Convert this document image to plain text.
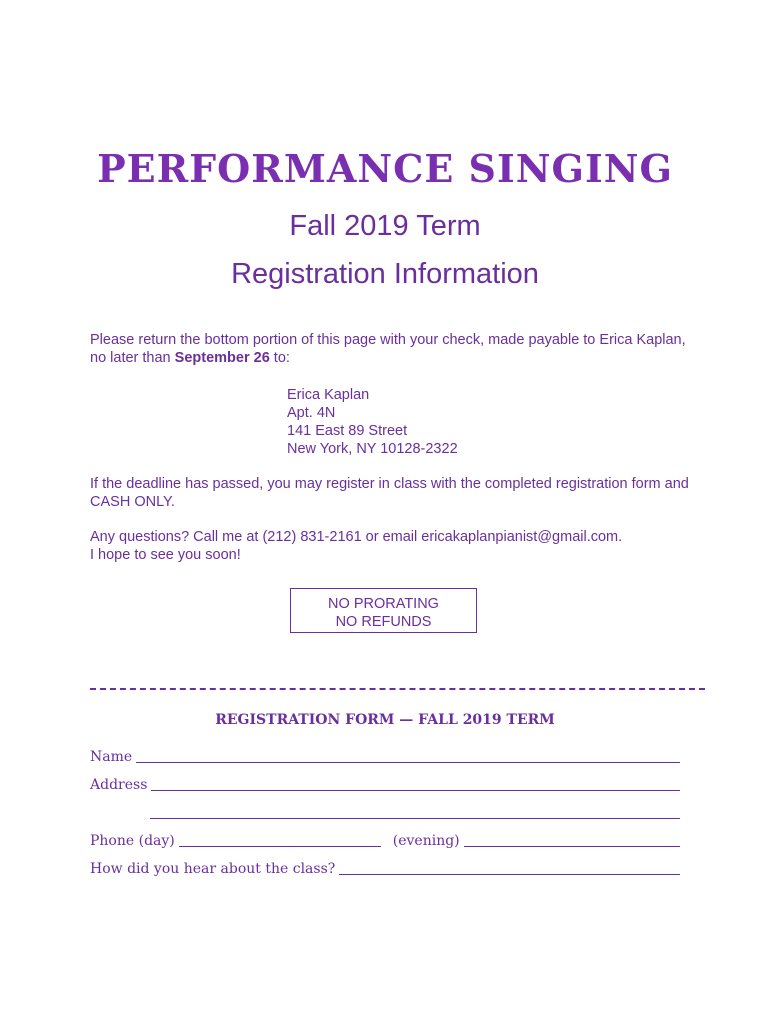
PERFORMANCE SINGING
Fall 2019 Term
Registration Information
Please return the bottom portion of this page with your check, made payable to Erica Kaplan, no later than September 26 to:
Erica Kaplan
Apt. 4N
141 East 89 Street
New York, NY 10128-2322
If the deadline has passed, you may register in class with the completed registration form and CASH ONLY.
Any questions? Call me at (212) 831-2161 or email ericakaplanpianist@gmail.com.
I hope to see you soon!
NO PRORATING
NO REFUNDS
REGISTRATION FORM — FALL 2019 TERM
Name
Address
Phone (day)	(evening)
How did you hear about the class?
